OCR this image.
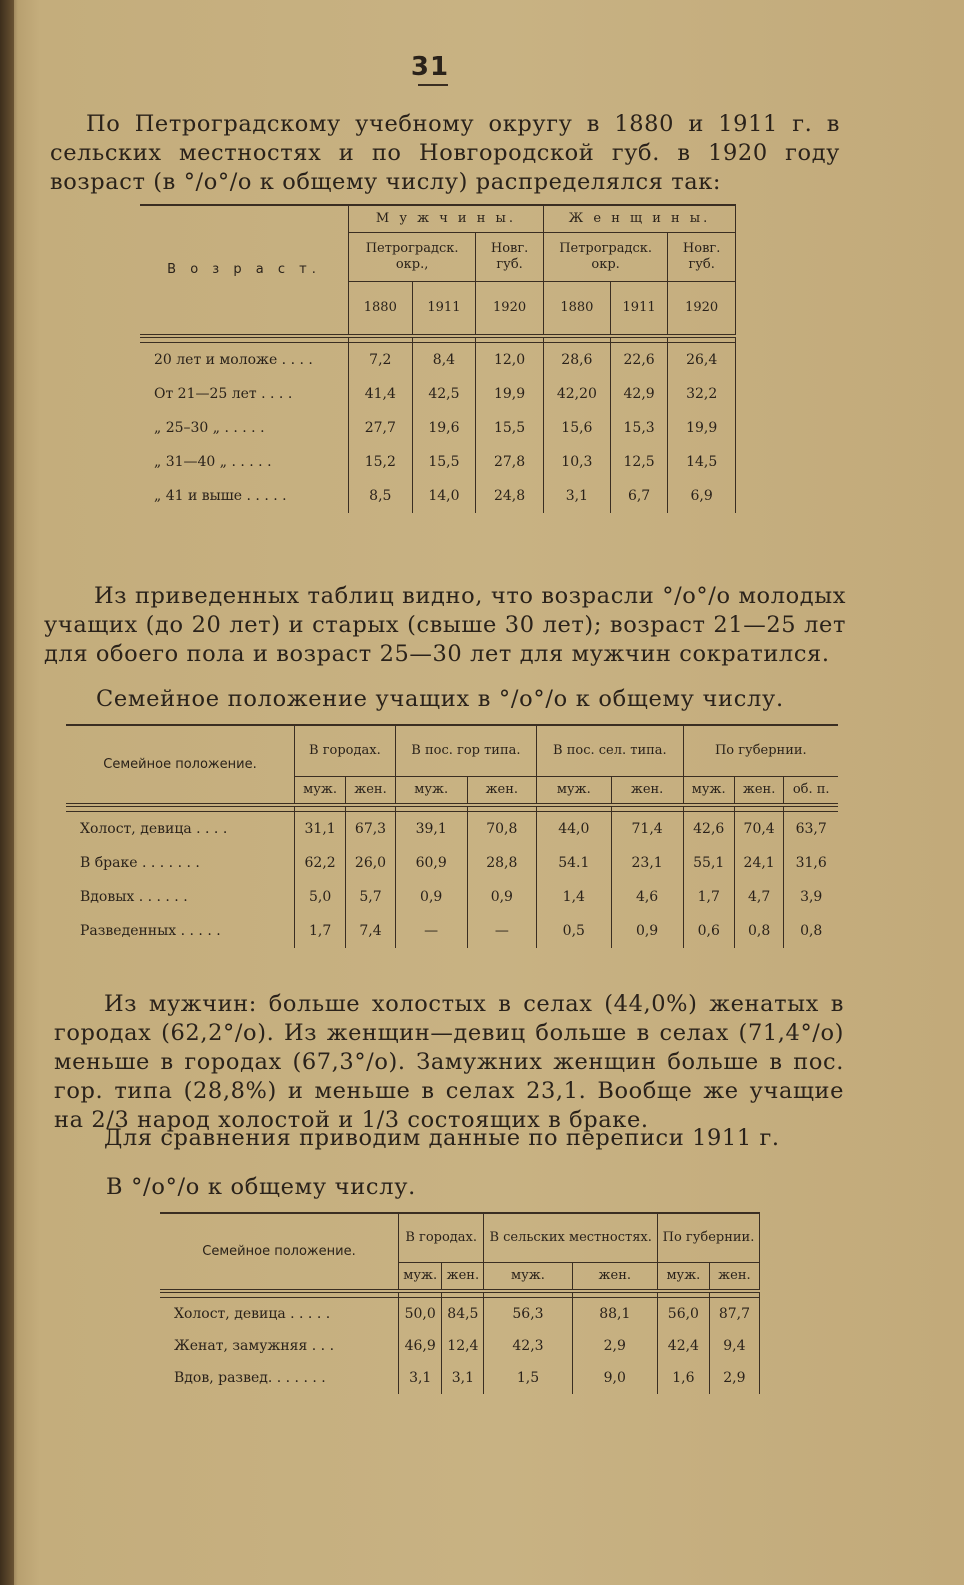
31

По Петроградскому учебному округу в 1880 и 1911 г. в сельских местностях и по Новгородской губ. в 1920 году возраст (в °/о°/о к общему числу) распределялся так:

В о з р а с т.	М у ж ч и н ы.			Ж е н щ и н ы.		
	Петроградск. окр.,		Новг. губ.	Петроградск. окр.		Новг. губ.
	1880	1911	1920	1880	1911	1920

20 лет и моложе . . . .	7,2	8,4	12,0	28,6	22,6	26,4
От 21—25 лет . . . .	41,4	42,5	19,9	42,20	42,9	32,2
„ 25–30 „ . . . . .	27,7	19,6	15,5	15,6	15,3	19,9
„ 31—40 „ . . . . .	15,2	15,5	27,8	10,3	12,5	14,5
„ 41 и выше . . . . .	8,5	14,0	24,8	3,1	6,7	6,9

Из приведенных таблиц видно, что возрасли °/о°/о молодых учащих (до 20 лет) и старых (свыше 30 лет); возраст 21—25 лет для обоего пола и возраст 25—30 лет для мужчин сократился.

Семейное положение учащих в °/о°/о к общему числу.

Семейное положение.	В городах.		В пос. гор типа.		В пос. сел. типа.		По губернии.		
	муж.	жен.	муж.	жен.	муж.	жен.	муж.	жен.	об. п.

Холост, девица . . . .	31,1	67,3	39,1	70,8	44,0	71,4	42,6	70,4	63,7
В браке . . . . . . .	62,2	26,0	60,9	28,8	54.1	23,1	55,1	24,1	31,6
Вдовых . . . . . .	5,0	5,7	0,9	0,9	1,4	4,6	1,7	4,7	3,9
Разведенных . . . . .	1,7	7,4	—	—	0,5	0,9	0,6	0,8	0,8

Из мужчин: больше холостых в селах (44,0%) женатых в городах (62,2°/о). Из женщин—девиц больше в селах (71,4°/о) меньше в городах (67,3°/о). Замужних женщин больше в пос. гор. типа (28,8%) и меньше в селах 23,1. Вообще же учащие на 2/3 народ холостой и 1/3 состоящих в браке.

Для сравнения приводим данные по переписи 1911 г.

В °/о°/о к общему числу.

Семейное положение.	В городах.		В сельских местностях.		По губернии.	
	муж.	жен.	муж.	жен.	муж.	жен.

Холост, девица . . . . .	50,0	84,5	56,3	88,1	56,0	87,7
Женат, замужняя . . .	46,9	12,4	42,3	2,9	42,4	9,4
Вдов, развед. . . . . . .	3,1	3,1	1,5	9,0	1,6	2,9
